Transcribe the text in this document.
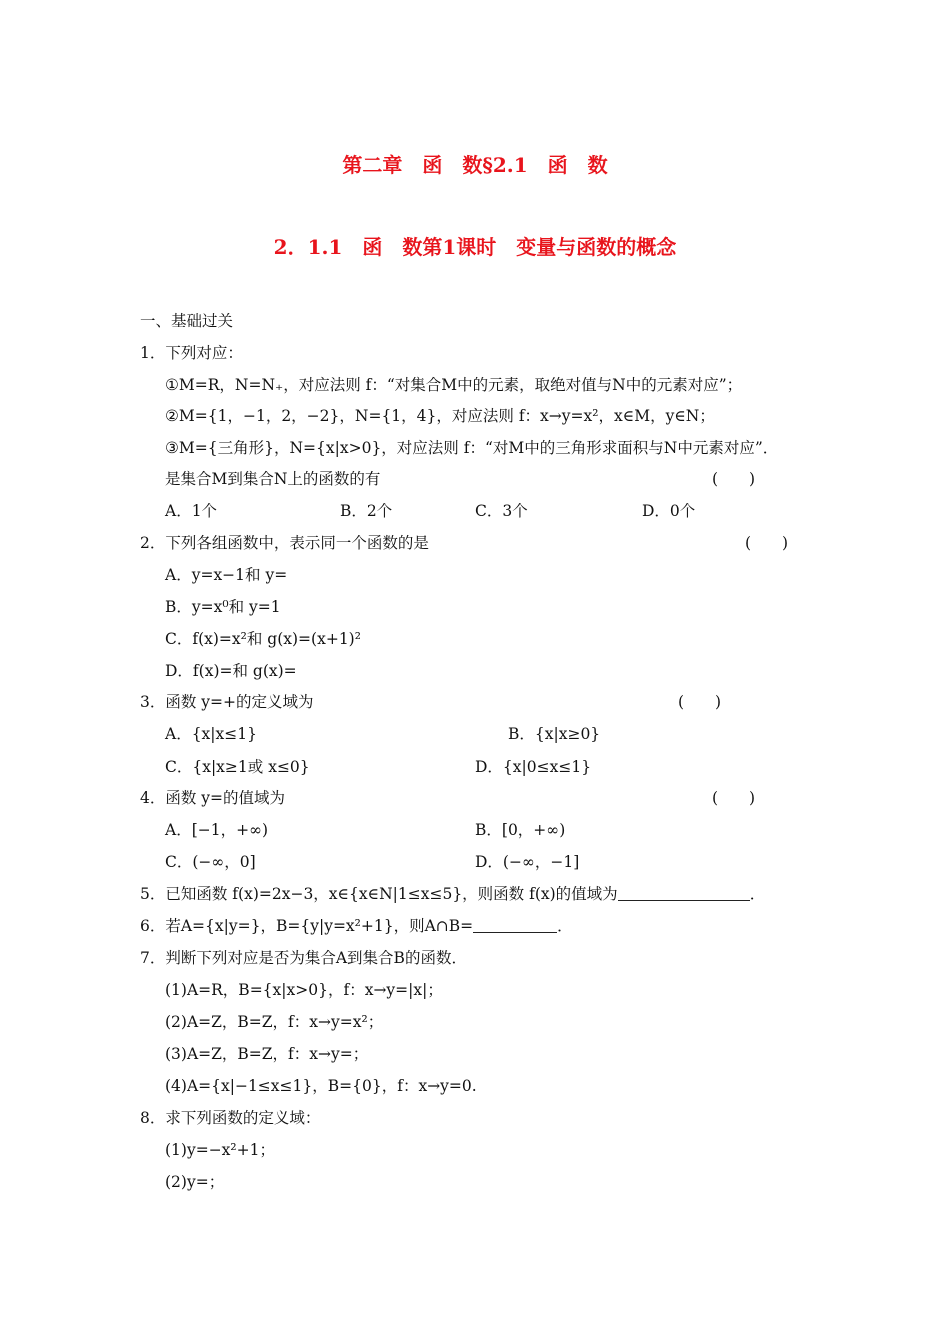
第二章　函　数§2.1　函　数
2．1.1　函　数第1课时　变量与函数的概念
一、基础过关
1．下列对应：
①M=R，N=N₊，对应法则 f：“对集合M中的元素，取绝对值与N中的元素对应”；
②M={1，−1，2，−2}，N={1，4}，对应法则 f：x→y=x²，x∈M，y∈N；
③M={三角形}，N={x|x>0}，对应法则 f：“对M中的三角形求面积与N中元素对应”．
是集合M到集合N上的函数的有	(　　)
A．1个	B．2个	C．3个	D．0个
2．下列各组函数中，表示同一个函数的是	(　　)
A．y=x−1和 y=
B．y=x⁰和 y=1
C．f(x)=x²和 g(x)=(x+1)²
D．f(x)=和 g(x)=
3．函数 y=+的定义域为	(　　)
A．{x|x≤1}	B．{x|x≥0}
C．{x|x≥1或 x≤0}	D．{x|0≤x≤1}
4．函数 y=的值域为	(　　)
A．[−1，+∞)	B．[0，+∞)
C．(−∞，0]	D．(−∞，−1]
5．已知函数 f(x)=2x−3，x∈{x∈N|1≤x≤5}，则函数 f(x)的值域为	．
6．若A={x|y=}，B={y|y=x²+1}，则A∩B=	．
7．判断下列对应是否为集合A到集合B的函数．
(1)A=R，B={x|x>0}，f：x→y=|x|；
(2)A=Z，B=Z，f：x→y=x²；
(3)A=Z，B=Z，f：x→y=；
(4)A={x|−1≤x≤1}，B={0}，f：x→y=0.
8．求下列函数的定义域：
(1)y=−x²+1；
(2)y=；
